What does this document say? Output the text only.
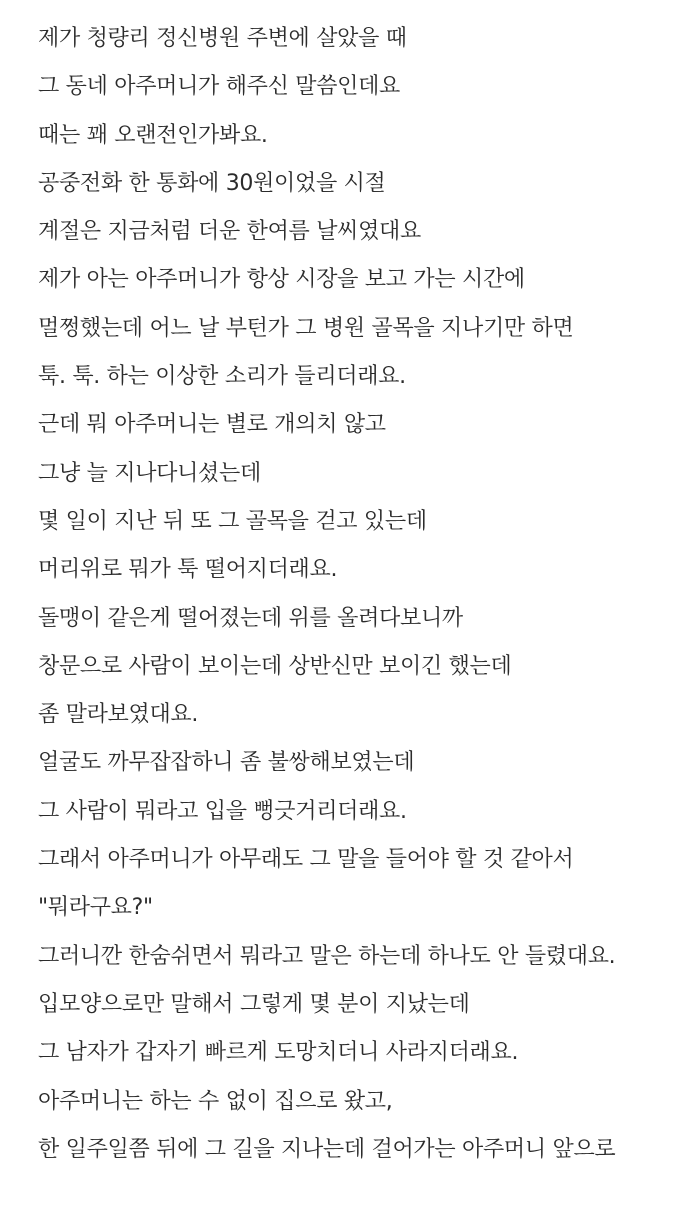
제가 청량리 정신병원 주변에 살았을 때
그 동네 아주머니가 해주신 말씀인데요
때는 꽤 오랜전인가봐요.
공중전화 한 통화에 30원이었을 시절
계절은 지금처럼 더운 한여름 날씨였대요
제가 아는 아주머니가 항상 시장을 보고 가는 시간에
멀쩡했는데 어느 날 부턴가 그 병원 골목을 지나기만 하면
툭. 툭. 하는 이상한 소리가 들리더래요.
근데 뭐 아주머니는 별로 개의치 않고
그냥 늘 지나다니셨는데
몇 일이 지난 뒤 또 그 골목을 걷고 있는데
머리위로 뭐가 툭 떨어지더래요.
돌맹이 같은게 떨어졌는데 위를 올려다보니까
창문으로 사람이 보이는데 상반신만 보이긴 했는데
좀 말라보였대요.
얼굴도 까무잡잡하니 좀 불쌍해보였는데
그 사람이 뭐라고 입을 뻥긋거리더래요.
그래서 아주머니가 아무래도 그 말을 들어야 할 것 같아서
"뭐라구요?"
그러니깐 한숨쉬면서 뭐라고 말은 하는데 하나도 안 들렸대요.
입모양으로만 말해서 그렇게 몇 분이 지났는데
그 남자가 갑자기 빠르게 도망치더니 사라지더래요.
아주머니는 하는 수 없이 집으로 왔고,
한 일주일쯤 뒤에 그 길을 지나는데 걸어가는 아주머니 앞으로
